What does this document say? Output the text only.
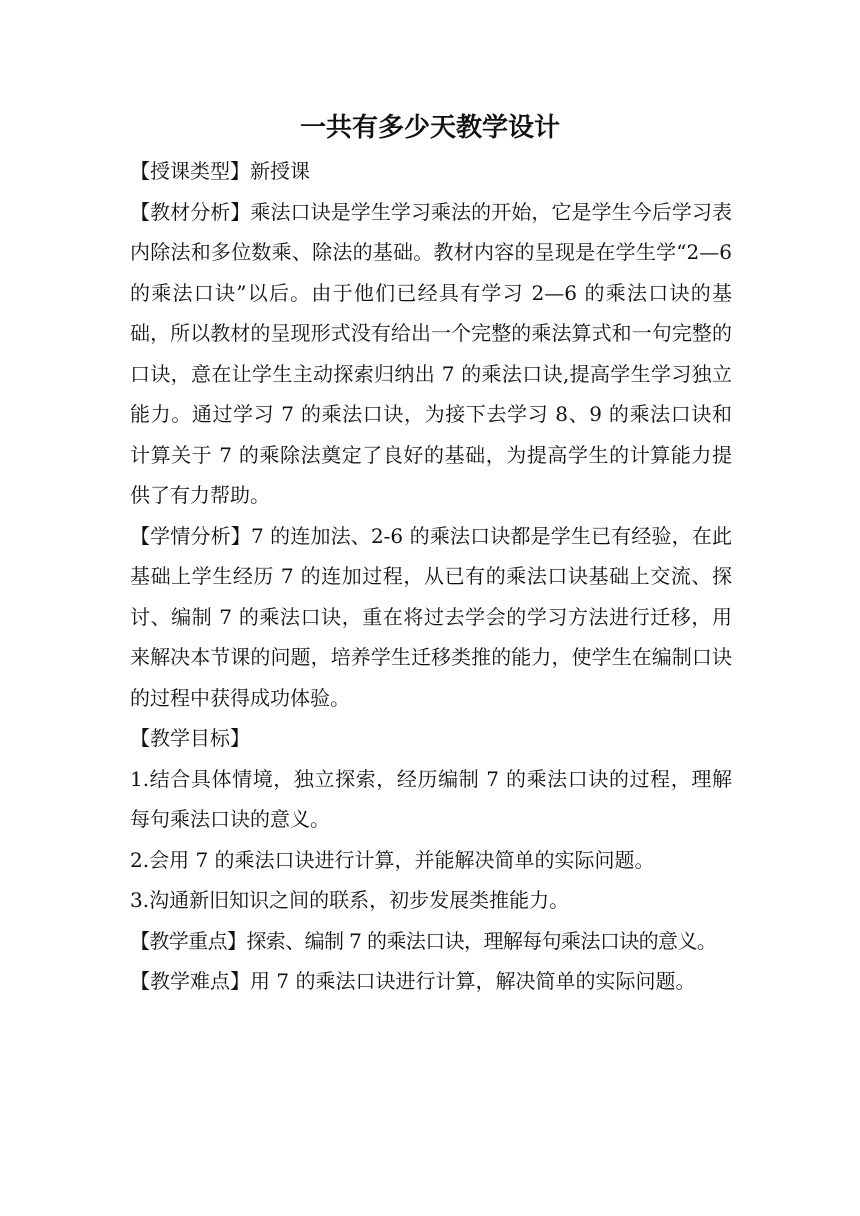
一共有多少天教学设计

【授课类型】新授课

【教材分析】乘法口诀是学生学习乘法的开始，它是学生今后学习表内除法和多位数乘、除法的基础。教材内容的呈现是在学生学“2—6的乘法口诀”以后。由于他们已经具有学习 2—6 的乘法口诀的基础，所以教材的呈现形式没有给出一个完整的乘法算式和一句完整的口诀，意在让学生主动探索归纳出 7 的乘法口诀,提高学生学习独立能力。通过学习 7 的乘法口诀，为接下去学习 8、9 的乘法口诀和计算关于 7 的乘除法奠定了良好的基础，为提高学生的计算能力提供了有力帮助。

【学情分析】7 的连加法、2-6 的乘法口诀都是学生已有经验，在此基础上学生经历 7 的连加过程，从已有的乘法口诀基础上交流、探讨、编制 7 的乘法口诀，重在将过去学会的学习方法进行迁移，用来解决本节课的问题，培养学生迁移类推的能力，使学生在编制口诀的过程中获得成功体验。

【教学目标】

1.结合具体情境，独立探索，经历编制 7 的乘法口诀的过程，理解每句乘法口诀的意义。

2.会用 7 的乘法口诀进行计算，并能解决简单的实际问题。

3.沟通新旧知识之间的联系，初步发展类推能力。

【教学重点】探索、编制 7 的乘法口诀，理解每句乘法口诀的意义。

【教学难点】用 7 的乘法口诀进行计算，解决简单的实际问题。
